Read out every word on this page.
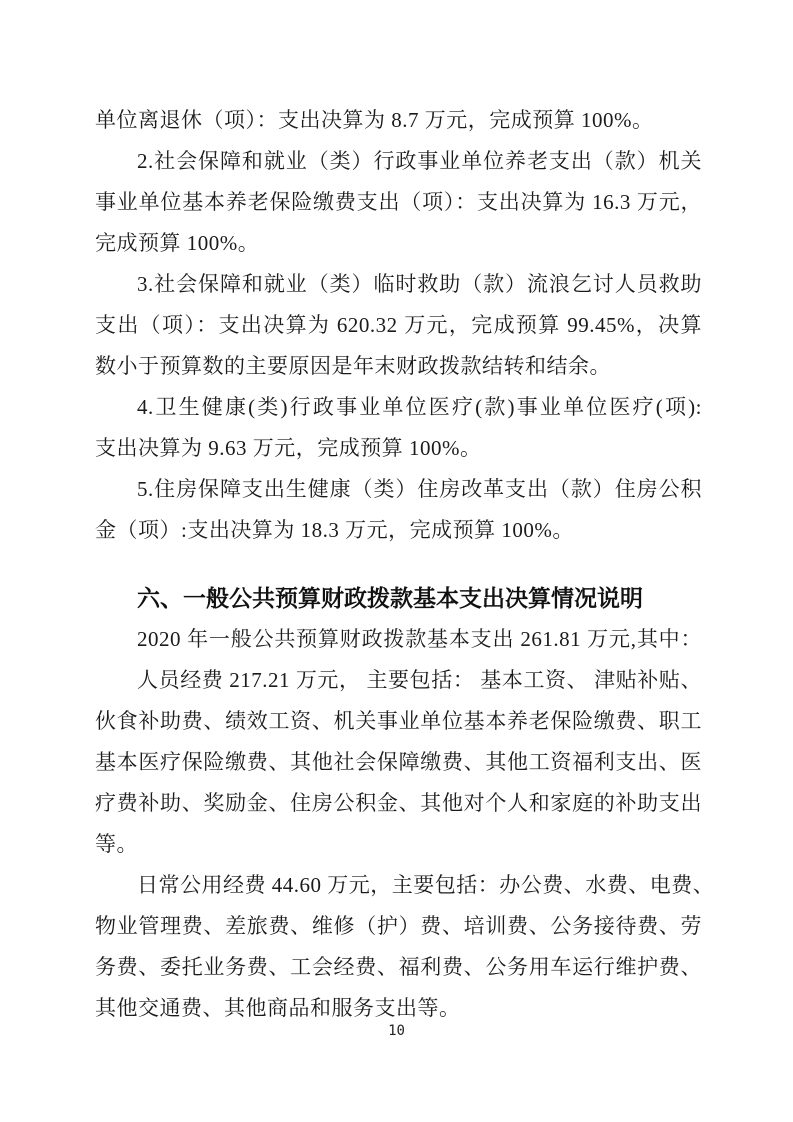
单位离退休（项）：支出决算为 8.7 万元，完成预算 100%。
2.社会保障和就业（类）行政事业单位养老支出（款）机关
事业单位基本养老保险缴费支出（项）：支出决算为 16.3 万元，
完成预算 100%。
3.社会保障和就业（类）临时救助（款）流浪乞讨人员救助
支出（项）：支出决算为 620.32 万元，完成预算 99.45%，决算
数小于预算数的主要原因是年末财政拨款结转和结余。
4.卫生健康(类)行政事业单位医疗(款)事业单位医疗(项):
支出决算为 9.63 万元，完成预算 100%。
5.住房保障支出生健康（类）住房改革支出（款）住房公积
金（项）:支出决算为 18.3 万元，完成预算 100%。
六、一般公共预算财政拨款基本支出决算情况说明
2020 年一般公共预算财政拨款基本支出 261.81 万元,其中：
人员经费 217.21 万元， 主要包括： 基本工资、 津贴补贴、
伙食补助费、绩效工资、机关事业单位基本养老保险缴费、职工
基本医疗保险缴费、其他社会保障缴费、其他工资福利支出、医
疗费补助、奖励金、住房公积金、其他对个人和家庭的补助支出
等。
日常公用经费 44.60 万元，主要包括：办公费、水费、电费、
物业管理费、差旅费、维修（护）费、培训费、公务接待费、劳
务费、委托业务费、工会经费、福利费、公务用车运行维护费、
其他交通费、其他商品和服务支出等。
10
